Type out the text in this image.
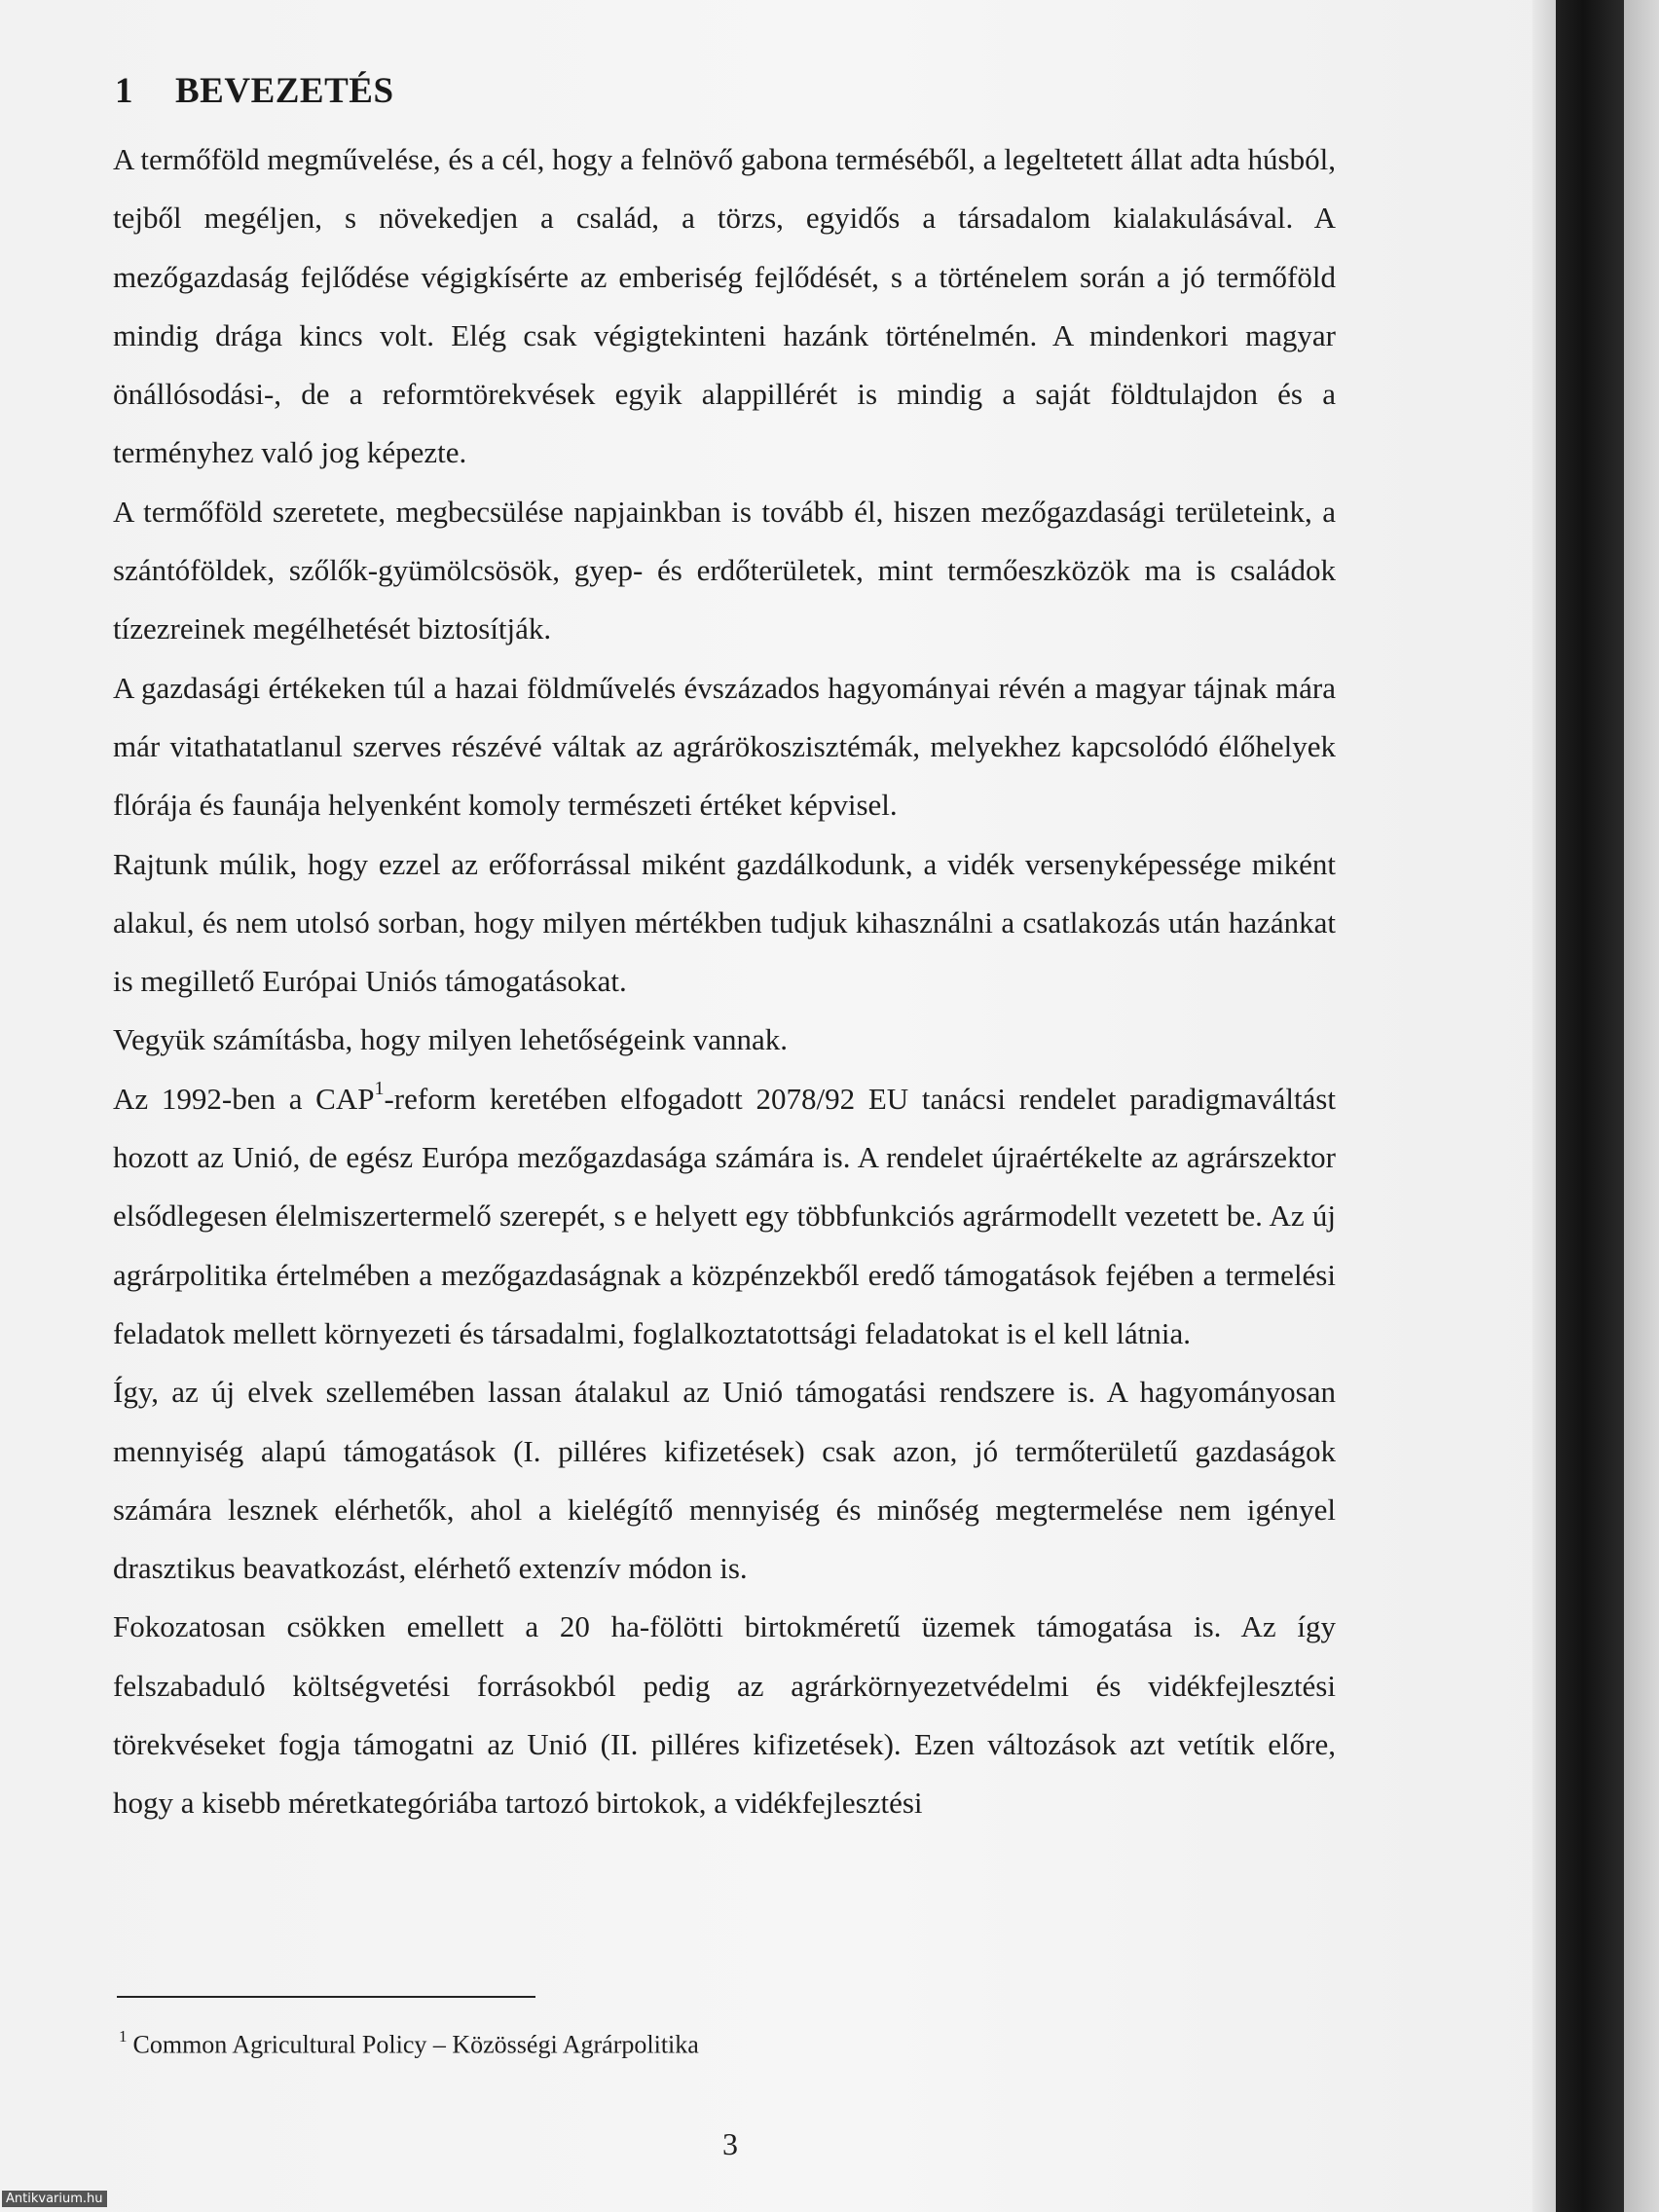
1 BEVEZETÉS

A termőföld megművelése, és a cél, hogy a felnövő gabona terméséből, a legeltetett állat adta húsból, tejből megéljen, s növekedjen a család, a törzs, egyidős a társadalom kialakulásával. A mezőgazdaság fejlődése végigkísérte az emberiség fejlődését, s a történelem során a jó termőföld mindig drága kincs volt. Elég csak végigtekinteni hazánk történelmén. A mindenkori magyar önállósodási-, de a reformtörekvések egyik alappillérét is mindig a saját földtulajdon és a terményhez való jog képezte.

A termőföld szeretete, megbecsülése napjainkban is tovább él, hiszen mezőgazdasági területeink, a szántóföldek, szőlők-gyümölcsösök, gyep- és erdőterületek, mint termőeszközök ma is családok tízezreinek megélhetését biztosítják.

A gazdasági értékeken túl a hazai földművelés évszázados hagyományai révén a magyar tájnak mára már vitathatatlanul szerves részévé váltak az agrárökoszisztémák, melyekhez kapcsolódó élőhelyek flórája és faunája helyenként komoly természeti értéket képvisel.

Rajtunk múlik, hogy ezzel az erőforrással miként gazdálkodunk, a vidék versenyképessége miként alakul, és nem utolsó sorban, hogy milyen mértékben tudjuk kihasználni a csatlakozás után hazánkat is megillető Európai Uniós támogatásokat.

Vegyük számításba, hogy milyen lehetőségeink vannak.

Az 1992-ben a CAP$^1$-reform keretében elfogadott 2078/92 EU tanácsi rendelet paradigmaváltást hozott az Unió, de egész Európa mezőgazdasága számára is. A rendelet újraértékelte az agrárszektor elsődlegesen élelmiszertermelő szerepét, s e helyett egy többfunkciós agrármodellt vezetett be. Az új agrárpolitika értelmében a mezőgazdaságnak a közpénzekből eredő támogatások fejében a termelési feladatok mellett környezeti és társadalmi, foglalkoztatottsági feladatokat is el kell látnia.

Így, az új elvek szellemében lassan átalakul az Unió támogatási rendszere is. A hagyományosan mennyiség alapú támogatások (I. pilléres kifizetések) csak azon, jó termőterületű gazdaságok számára lesznek elérhetők, ahol a kielégítő mennyiség és minőség megtermelése nem igényel drasztikus beavatkozást, elérhető extenzív módon is.

Fokozatosan csökken emellett a 20 ha-fölötti birtokméretű üzemek támogatása is. Az így felszabaduló költségvetési forrásokból pedig az agrárkörnyezetvédelmi és vidékfejlesztési törekvéseket fogja támogatni az Unió (II. pilléres kifizetések). Ezen változások azt vetítik előre, hogy a kisebb méretkategóriába tartozó birtokok, a vidékfejlesztési

$^1$ Common Agricultural Policy – Közösségi Agrárpolitika

3

Antikvarium.hu
